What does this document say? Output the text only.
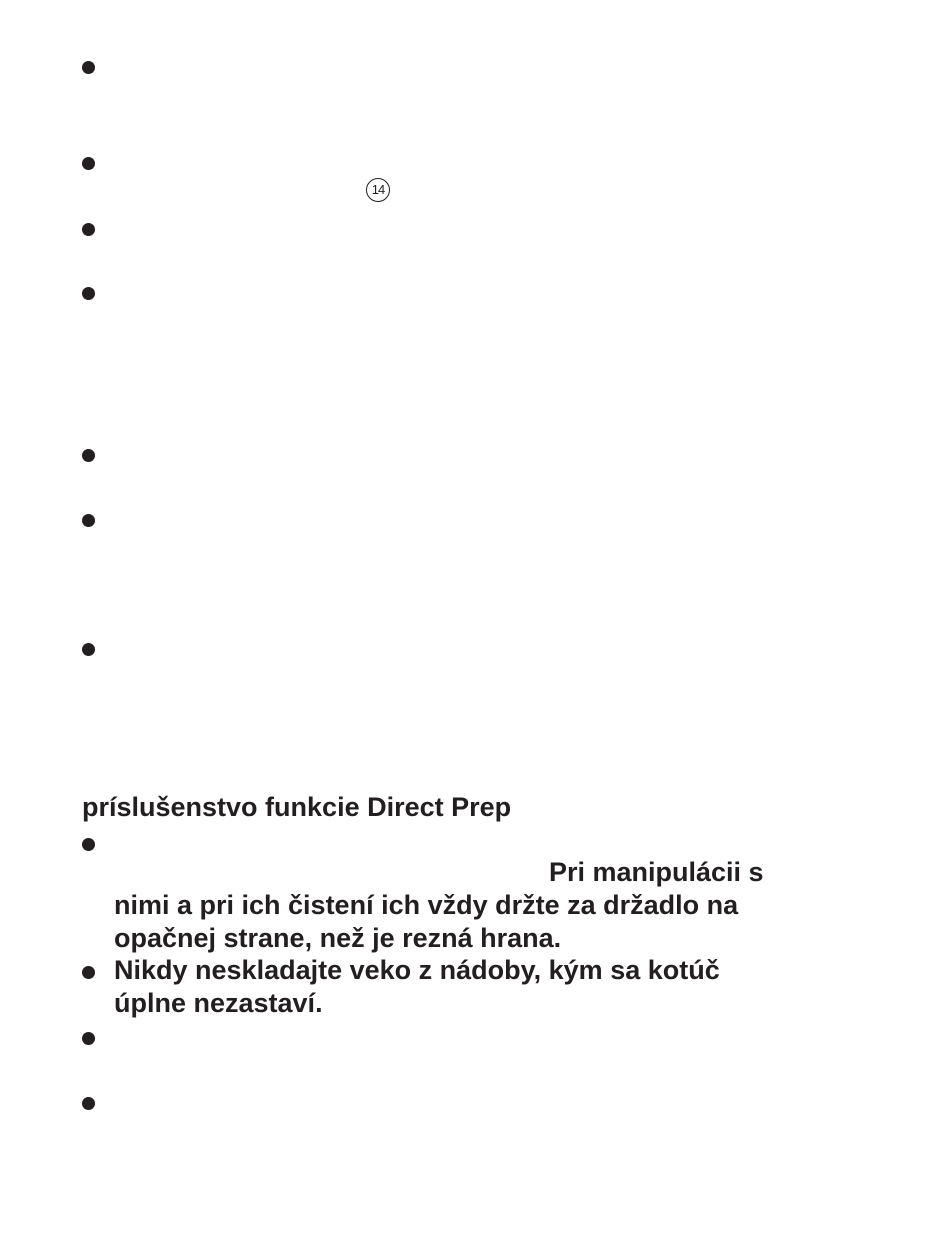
14
príslušenstvo funkcie Direct Prep
Pri manipulácii s
nimi a pri ich čistení ich vždy držte za držadlo na
opačnej strane, než je rezná hrana.
Nikdy neskladajte veko z nádoby, kým sa kotúč
úplne nezastaví.
